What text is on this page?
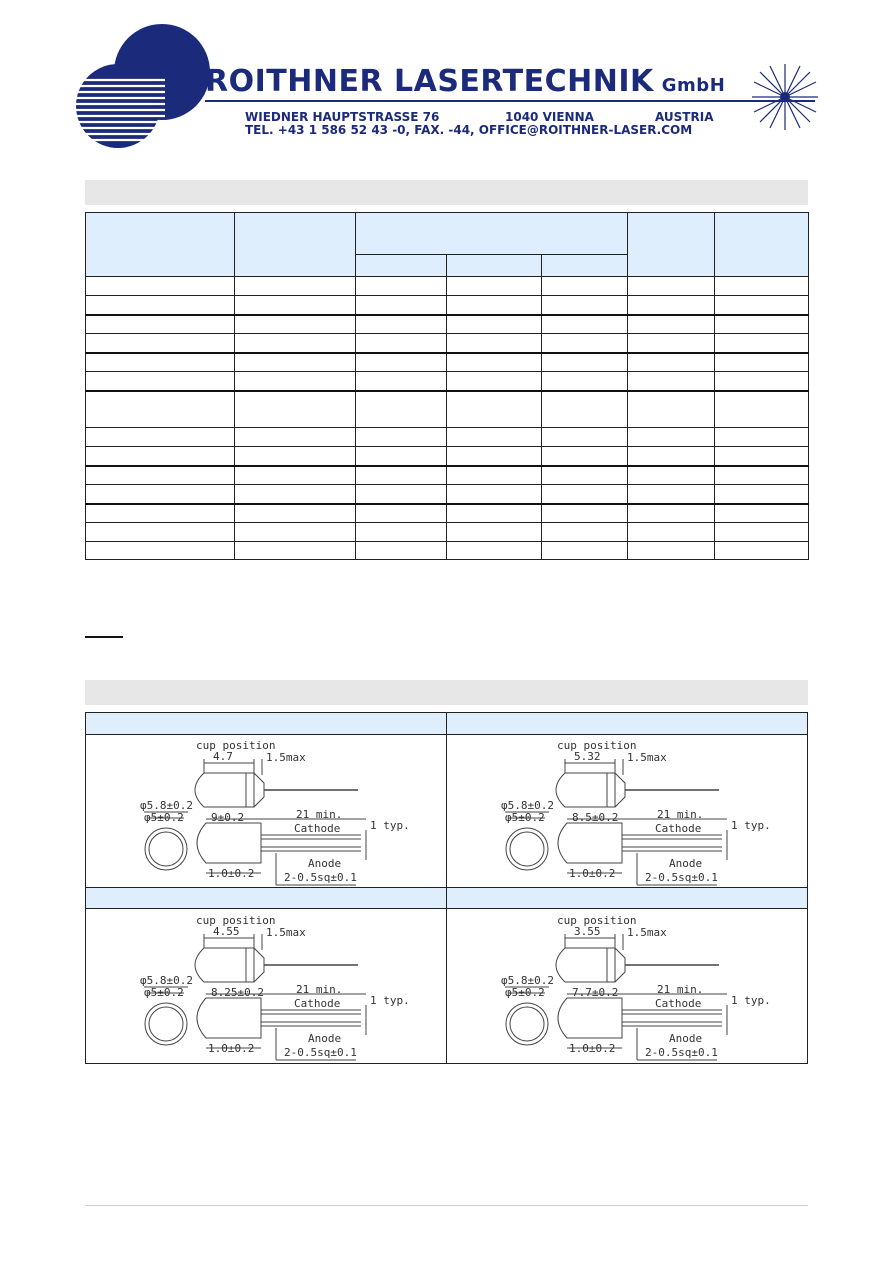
ROITHNER LASERTECHNIK GmbH
WIEDNER HAUPTSTRASSE 76	1040 VIENNA	AUSTRIA
TEL. +43 1 586 52 43 -0, FAX. -44, OFFICE@ROITHNER-LASER.COM

cup position
4.7	1.5max
φ5.8±0.2
φ5±0.2 9±0.2	21 min.
Cathode	1 typ.
1.0±0.2
Anode
2-0.5sq±0.1
cup position
5.32 1.5max
φ5.8±0.2
φ5±0.2 8.5±0.2	21 min.
Cathode	1 typ.
1.0±0.2
Anode
2-0.5sq±0.1
cup position
4.55 1.5max
φ5.8±0.2
φ5±0.2 8.25±0.2	21 min.
Cathode	1 typ.
1.0±0.2
Anode
2-0.5sq±0.1
cup position
3.55 1.5max
φ5.8±0.2
φ5±0.2 7.7±0.2	21 min.
Cathode	1 typ.
1.0±0.2
Anode
2-0.5sq±0.1
